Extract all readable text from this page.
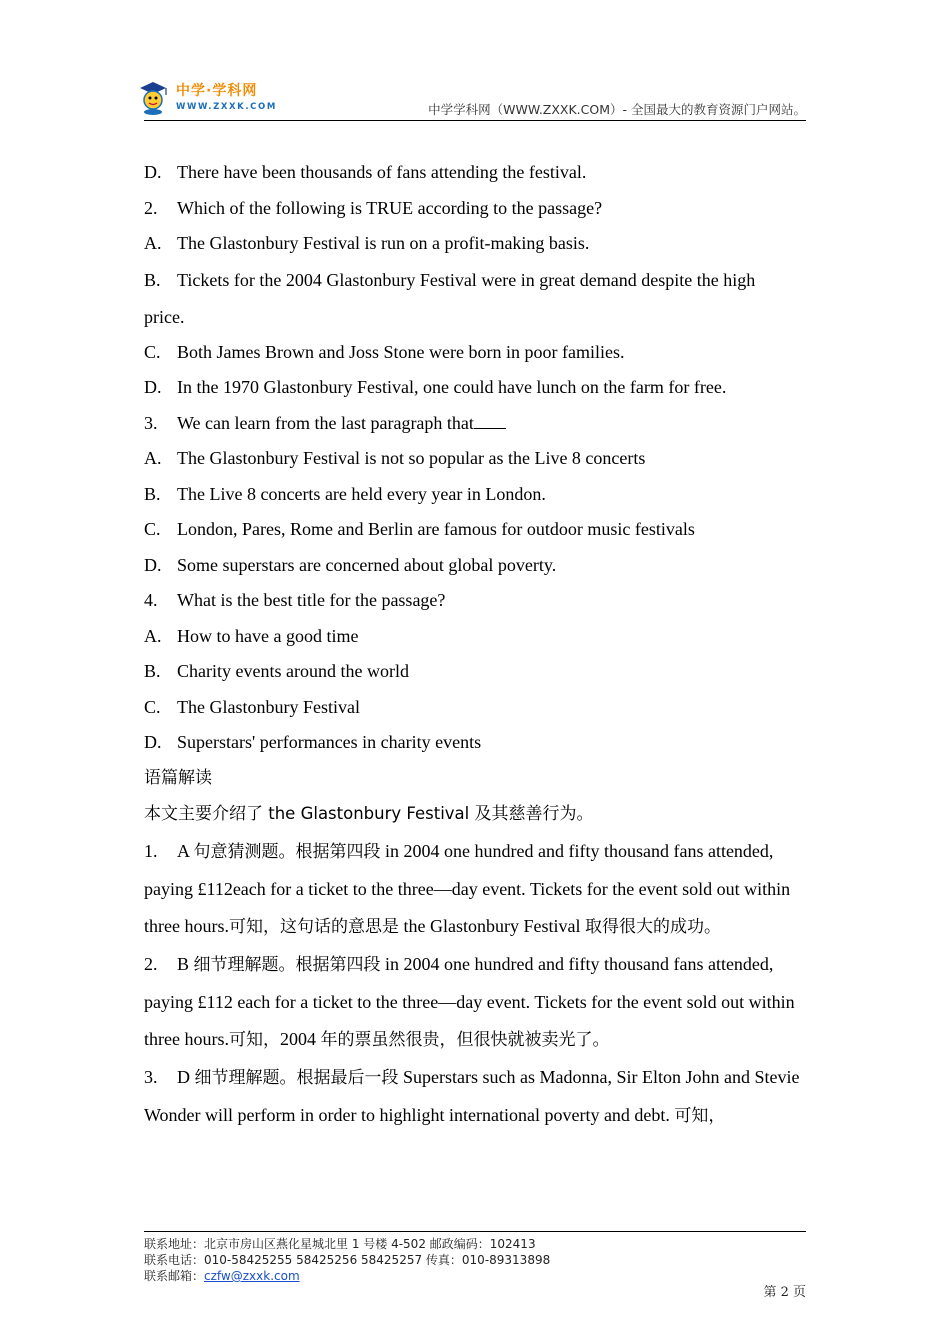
中学·学科网
WWW.ZXXK.COM	中学学科网（WWW.ZXXK.COM）- 全国最大的教育资源门户网站。
D. There have been thousands of fans attending the festival.
2. Which of the following is TRUE according to the passage?
A. The Glastonbury Festival is run on a profit-making basis.
B. Tickets for the 2004 Glastonbury Festival were in great demand despite the high
price.
C. Both James Brown and Joss Stone were born in poor families.
D. In the 1970 Glastonbury Festival, one could have lunch on the farm for free.
3. We can learn from the last paragraph that
A. The Glastonbury Festival is not so popular as the Live 8 concerts
B. The Live 8 concerts are held every year in London.
C. London, Pares, Rome and Berlin are famous for outdoor music festivals
D. Some superstars are concerned about global poverty.
4. What is the best title for the passage?
A. How to have a good time
B. Charity events around the world
C. The Glastonbury Festival
D. Superstars' performances in charity events
语篇解读
本文主要介绍了 the Glastonbury Festival 及其慈善行为。
1. A 句意猜测题。根据第四段 in 2004 one hundred and fifty thousand fans attended, paying £112each for a ticket to the three—day event. Tickets for the event sold out within three hours.可知，这句话的意思是 the Glastonbury Festival 取得很大的成功。
2. B 细节理解题。根据第四段 in 2004 one hundred and fifty thousand fans attended, paying £112 each for a ticket to the three—day event. Tickets for the event sold out within three hours.可知，2004 年的票虽然很贵，但很快就被卖光了。
3. D 细节理解题。根据最后一段 Superstars such as Madonna, Sir Elton John and Stevie Wonder will perform in order to highlight international poverty and debt. 可知，
联系地址：北京市房山区燕化星城北里 1 号楼 4-502 邮政编码：102413
联系电话：010-58425255 58425256 58425257 传真：010-89313898
联系邮箱：czfw@zxxk.com
第 2 页
